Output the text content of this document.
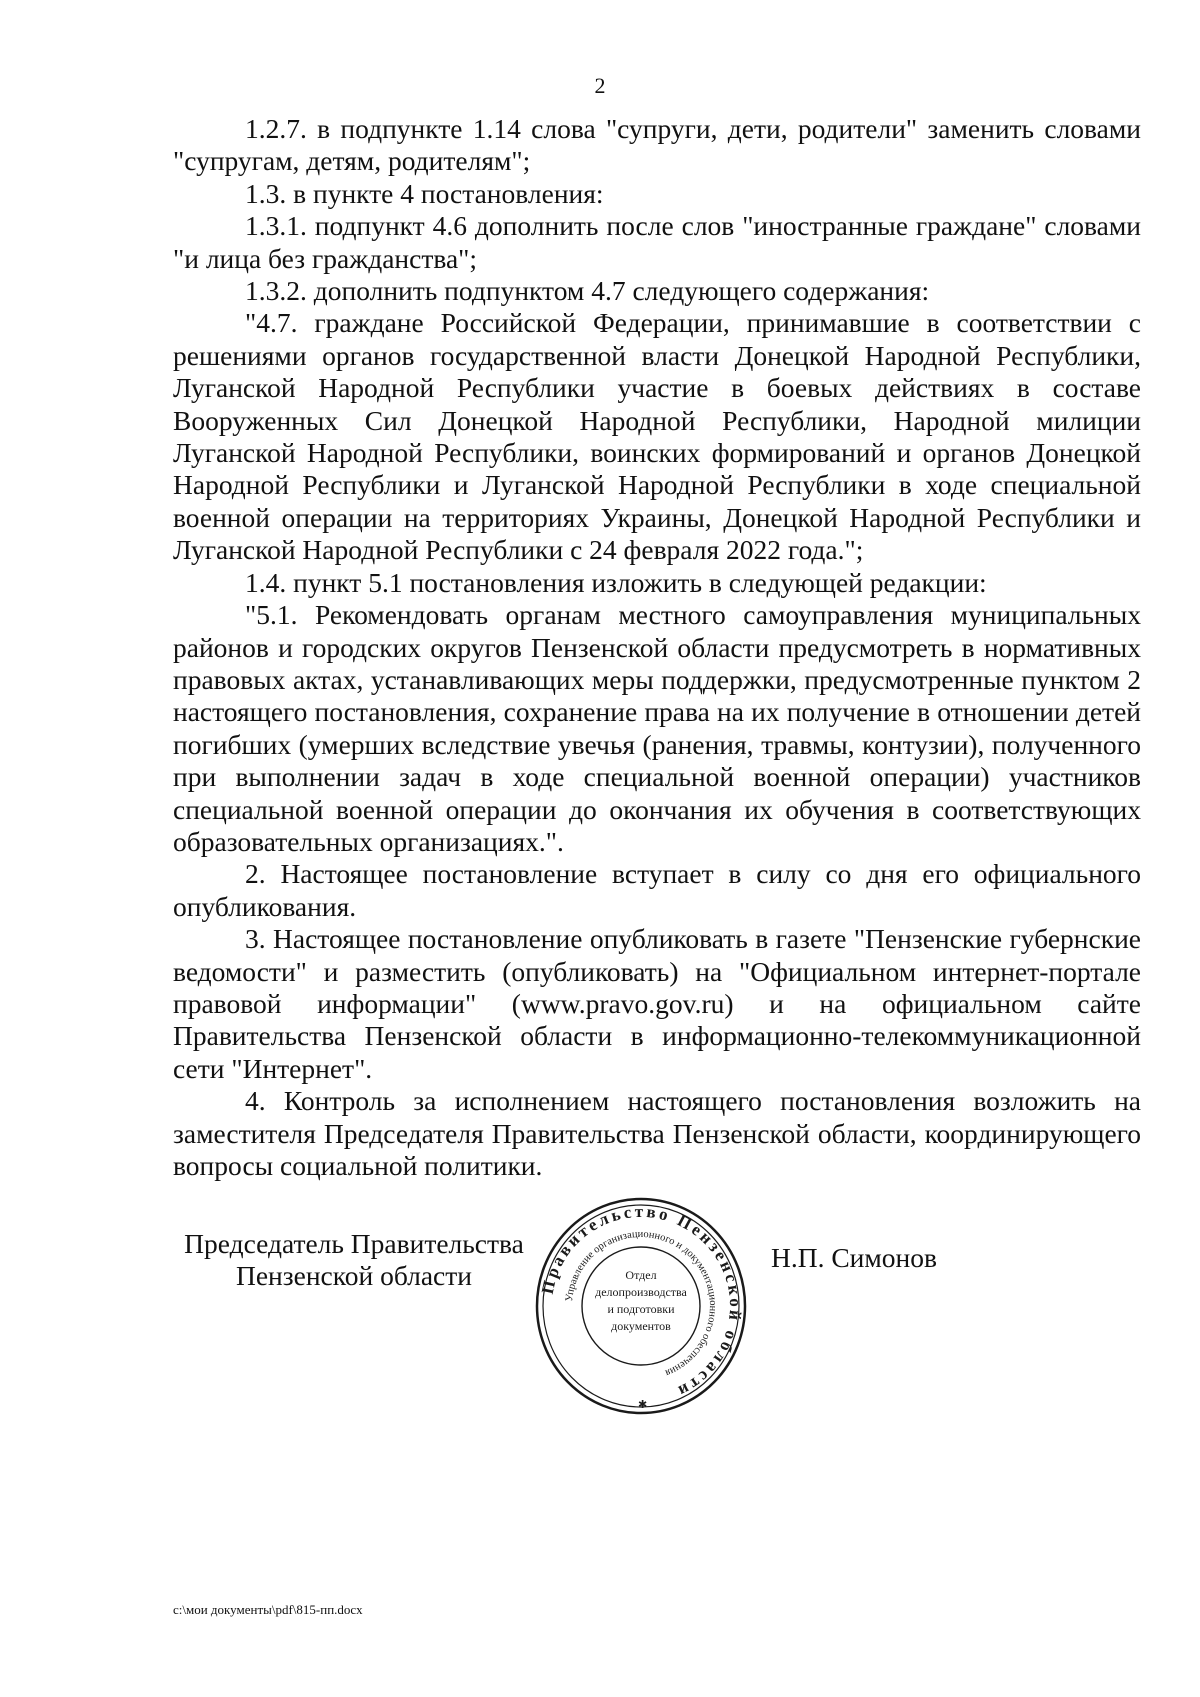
2

1.2.7. в подпункте 1.14 слова "супруги, дети, родители" заменить словами "супругам, детям, родителям";

1.3. в пункте 4 постановления:

1.3.1. подпункт 4.6 дополнить после слов "иностранные граждане" словами "и лица без гражданства";

1.3.2. дополнить подпунктом 4.7 следующего содержания:

"4.7. граждане Российской Федерации, принимавшие в соответствии с решениями органов государственной власти Донецкой Народной Республики, Луганской Народной Республики участие в боевых действиях в составе Вооруженных Сил Донецкой Народной Республики, Народной милиции Луганской Народной Республики, воинских формирований и органов Донецкой Народной Республики и Луганской Народной Республики в ходе специальной военной операции на территориях Украины, Донецкой Народной Республики и Луганской Народной Республики с 24 февраля 2022 года.";

1.4. пункт 5.1 постановления изложить в следующей редакции:

"5.1. Рекомендовать органам местного самоуправления муниципальных районов и городских округов Пензенской области предусмотреть в нормативных правовых актах, устанавливающих меры поддержки, предусмотренные пунктом 2 настоящего постановления, сохранение права на их получение в отношении детей погибших (умерших вследствие увечья (ранения, травмы, контузии), полученного при выполнении задач в ходе специальной военной операции) участников специальной военной операции до окончания их обучения в соответствующих образовательных организациях.".

2. Настоящее постановление вступает в силу со дня его официального опубликования.

3. Настоящее постановление опубликовать в газете "Пензенские губернские ведомости" и разместить (опубликовать) на "Официальном интернет-портале правовой информации" (www.pravo.gov.ru) и на официальном сайте Правительства Пензенской области в информационно-телекоммуникационной сети "Интернет".

4. Контроль за исполнением настоящего постановления возложить на заместителя Председателя Правительства Пензенской области, координирующего вопросы социальной политики.

Председатель Правительства
Пензенской области
Н.П. Симонов
Правительство Пензенской области
Управление организационного и документационного обеспечения
✱
Отдел
делопроизводства
и подготовки
документов
c:\мои документы\pdf\815-пп.docx
